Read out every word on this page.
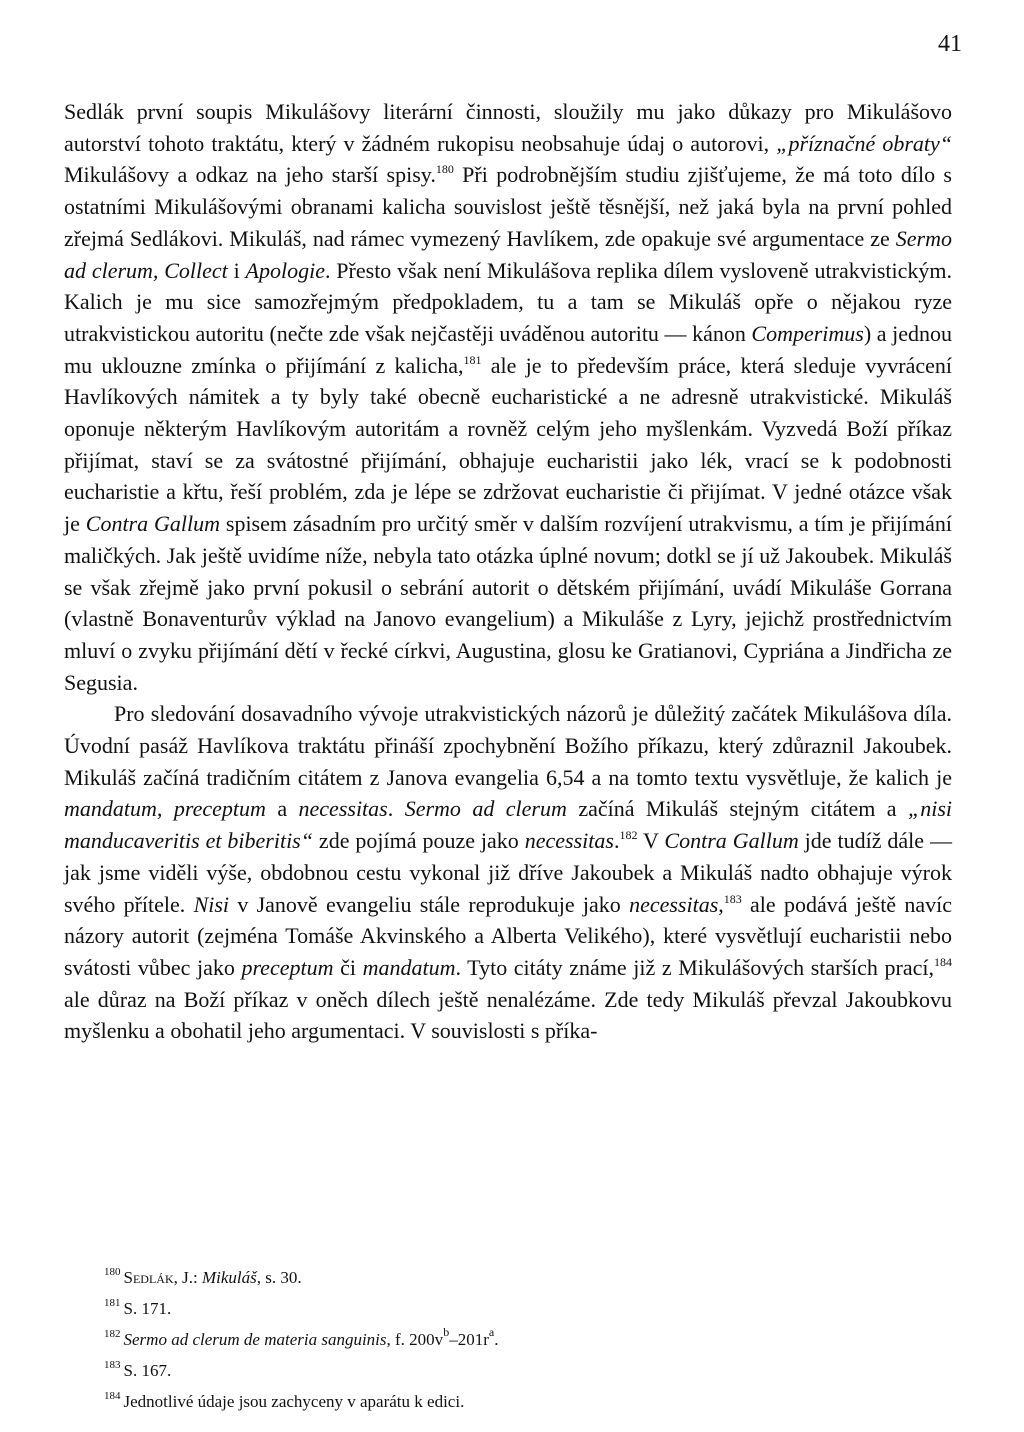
41

Sedlák první soupis Mikulášovy literární činnosti, sloužily mu jako důkazy pro Mikulášovo autorství tohoto traktátu, který v žádném rukopisu neobsahuje údaj o autorovi, „příznačné obraty“ Mikulášovy a odkaz na jeho starší spisy.$^{180}$ Při podrobnějším studiu zjišťujeme, že má toto dílo s ostatními Mikulášovými obranami kalicha souvislost ještě těsnější, než jaká byla na první pohled zřejmá Sedlákovi. Mikuláš, nad rámec vymezený Havlíkem, zde opakuje své argumentace ze Sermo ad clerum, Collect i Apologie. Přesto však není Mikulášova replika dílem vysloveně utrakvistickým. Kalich je mu sice samozřejmým předpokladem, tu a tam se Mikuláš opře o nějakou ryze utrakvistickou autoritu (nečte zde však nejčastěji uváděnou autoritu — kánon Comperimus) a jednou mu uklouzne zmínka o přijímání z kalicha,$^{181}$ ale je to především práce, která sleduje vyvrácení Havlíkových námitek a ty byly také obecně eucharistické a ne adresně utrakvistické. Mikuláš oponuje některým Havlíkovým autoritám a rovněž celým jeho myšlenkám. Vyzvedá Boží příkaz přijímat, staví se za svátostné přijímání, obhajuje eucharistii jako lék, vrací se k podobnosti eucharistie a křtu, řeší problém, zda je lépe se zdržovat eucharistie či přijímat. V jedné otázce však je Contra Gallum spisem zásadním pro určitý směr v dalším rozvíjení utrakvismu, a tím je přijímání maličkých. Jak ještě uvidíme níže, nebyla tato otázka úplné novum; dotkl se jí už Jakoubek. Mikuláš se však zřejmě jako první pokusil o sebrání autorit o dětském přijímání, uvádí Mikuláše Gorrana (vlastně Bonaventurův výklad na Janovo evangelium) a Mikuláše z Lyry, jejichž prostřednictvím mluví o zvyku přijímání dětí v řecké církvi, Augustina, glosu ke Gratianovi, Cypriána a Jindřicha ze Segusia.

Pro sledování dosavadního vývoje utrakvistických názorů je důležitý začátek Mikulášova díla. Úvodní pasáž Havlíkova traktátu přináší zpochybnění Božího příkazu, který zdůraznil Jakoubek. Mikuláš začíná tradičním citátem z Janova evangelia 6,54 a na tomto textu vysvětluje, že kalich je mandatum, preceptum a necessitas. Sermo ad clerum začíná Mikuláš stejným citátem a „nisi manducaveritis et biberitis“ zde pojímá pouze jako necessitas.$^{182}$ V Contra Gallum jde tudíž dále — jak jsme viděli výše, obdobnou cestu vykonal již dříve Jakoubek a Mikuláš nadto obhajuje výrok svého přítele. Nisi v Janově evangeliu stále reprodukuje jako necessitas,$^{183}$ ale podává ještě navíc názory autorit (zejména Tomáše Akvinského a Alberta Velikého), které vysvětlují eucharistii nebo svátosti vůbec jako preceptum či mandatum. Tyto citáty známe již z Mikulášových starších prací,$^{184}$ ale důraz na Boží příkaz v oněch dílech ještě nenalézáme. Zde tedy Mikuláš převzal Jakoubkovu myšlenku a obohatil jeho argumentaci. V souvislosti s příka-

$^{180}$ Sedlák, J.: Mikuláš, s. 30.

$^{181}$ S. 171.

$^{182}$ Sermo ad clerum de materia sanguinis, f. $200v^b-201r^a$.

$^{183}$ S. 167.

$^{184}$ Jednotlivé údaje jsou zachyceny v aparátu k edici.
